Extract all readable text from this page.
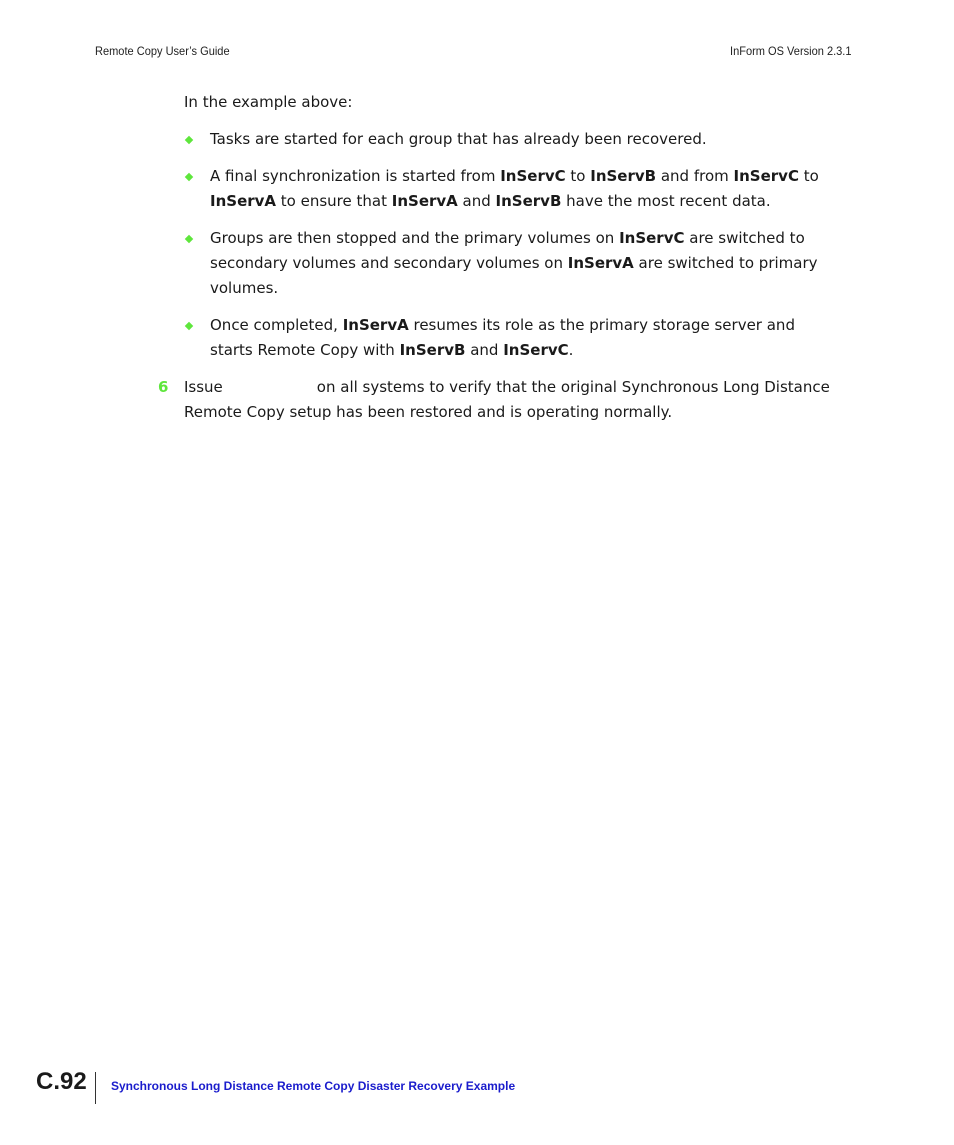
Remote Copy User’s Guide	InForm OS Version 2.3.1

In the example above:

Tasks are started for each group that has already been recovered.
A final synchronization is started from InServC to InServB and from InServC to InServA to ensure that InServA and InServB have the most recent data.
Groups are then stopped and the primary volumes on InServC are switched to secondary volumes and secondary volumes on InServA are switched to primary volumes.
Once completed, InServA resumes its role as the primary storage server and starts Remote Copy with InServB and InServC.
6 Issue	on all systems to verify that the original Synchronous Long Distance Remote Copy setup has been restored and is operating normally.
C.92 Synchronous Long Distance Remote Copy Disaster Recovery Example
